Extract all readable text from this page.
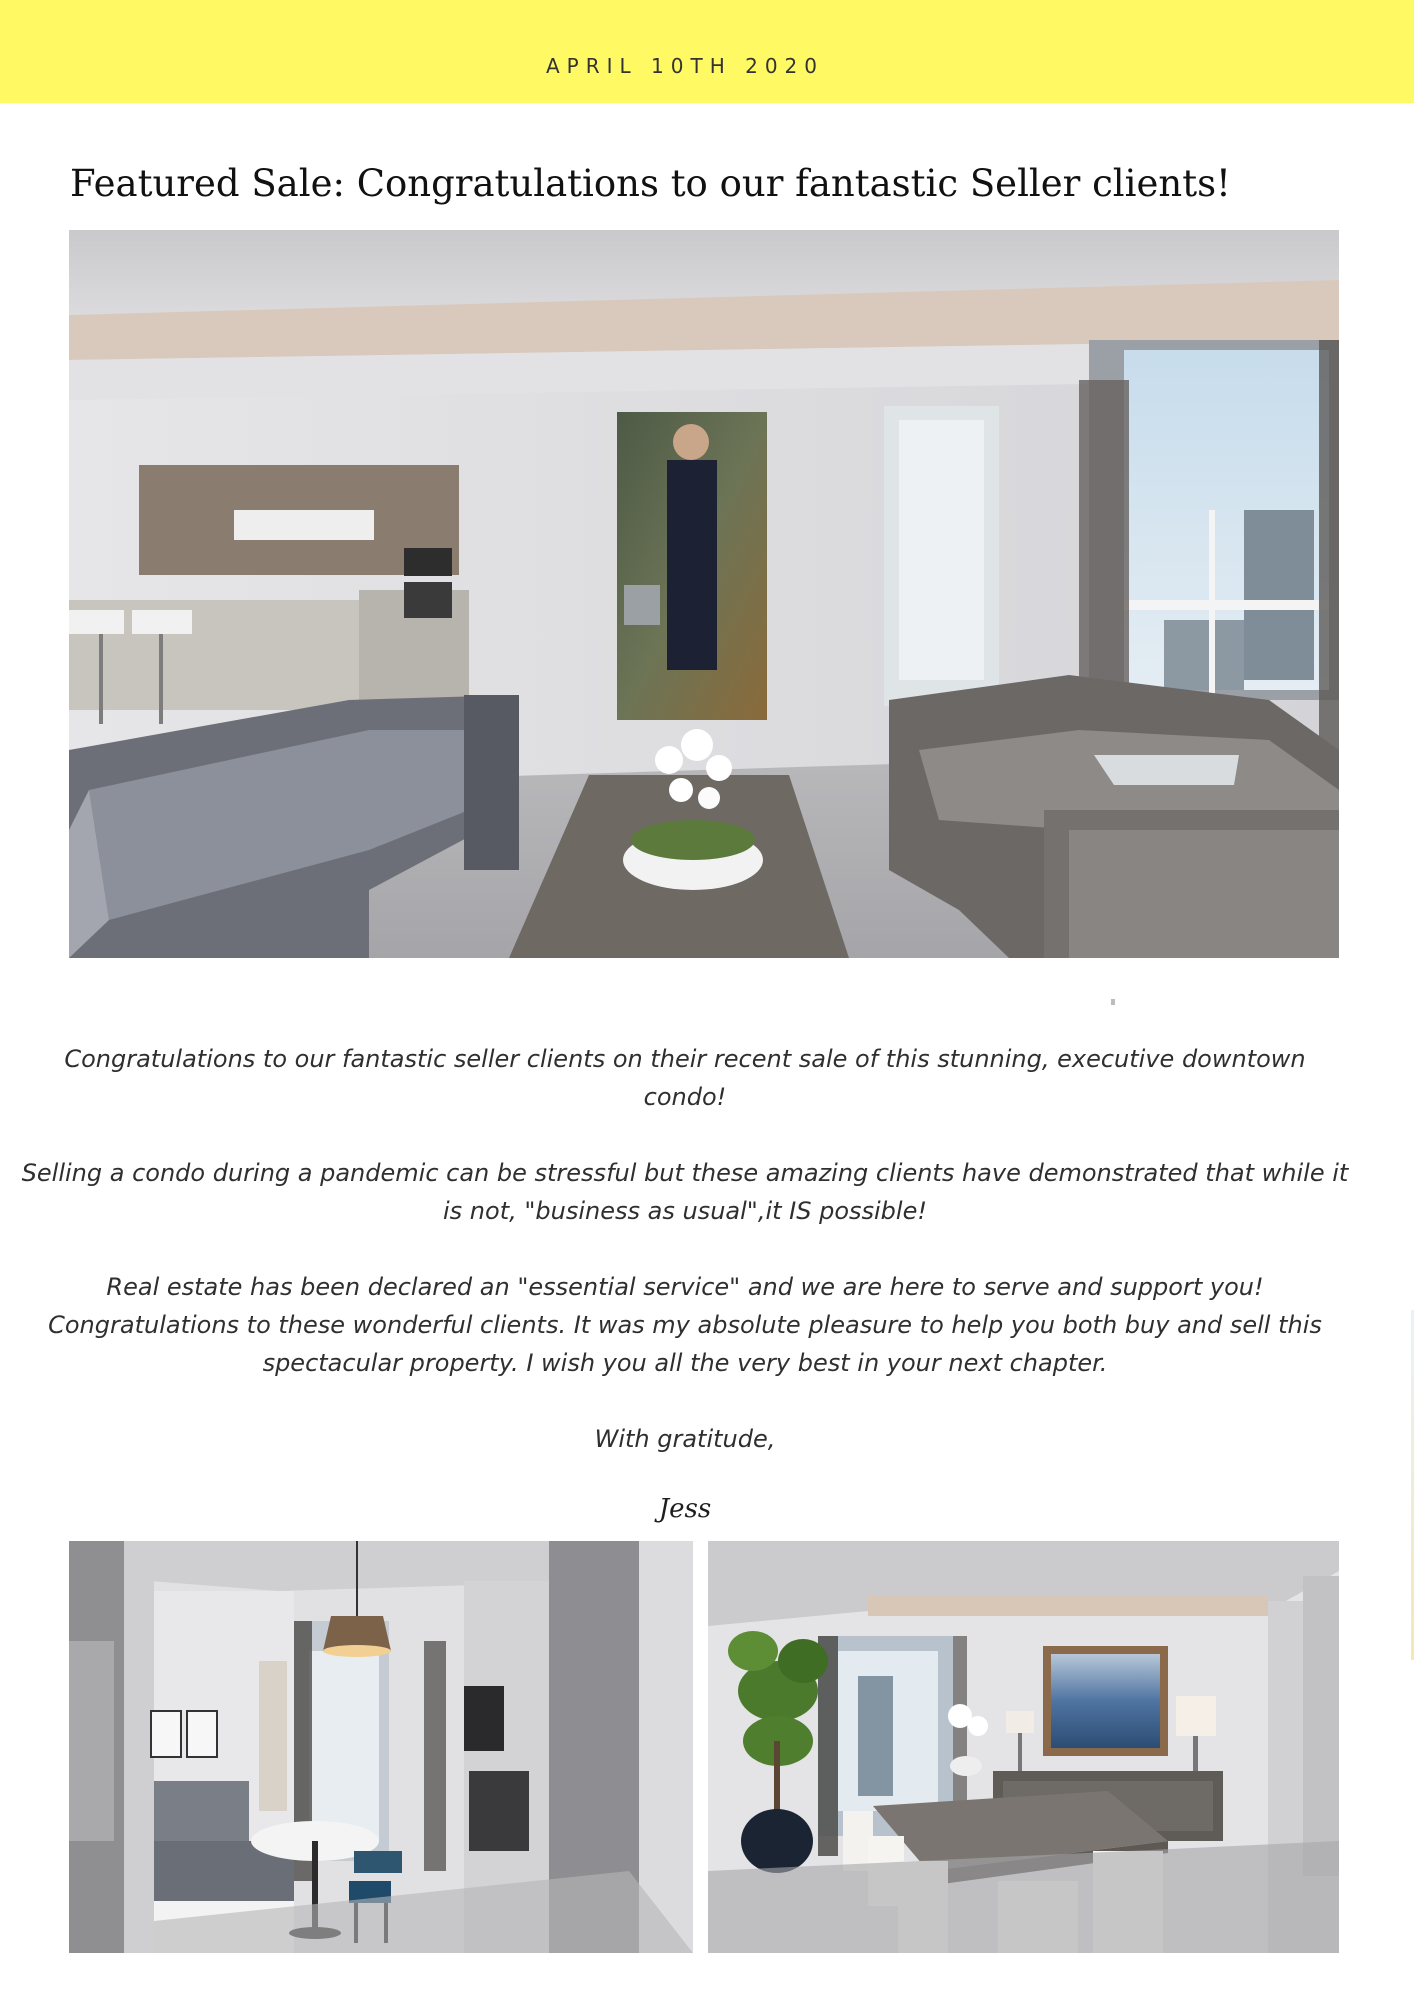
APRIL 10TH 2020
Featured Sale: Congratulations to our fantastic Seller clients!

Congratulations to our fantastic seller clients on their recent sale of this stunning, executive downtown condo!

Selling a condo during a pandemic can be stressful but these amazing clients have demonstrated that while it is not, "business as usual",it IS possible!

Real estate has been declared an "essential service" and we are here to serve and support you! Congratulations to these wonderful clients. It was my absolute pleasure to help you both buy and sell this spectacular property. I wish you all the very best in your next chapter.

With gratitude,

Jess
